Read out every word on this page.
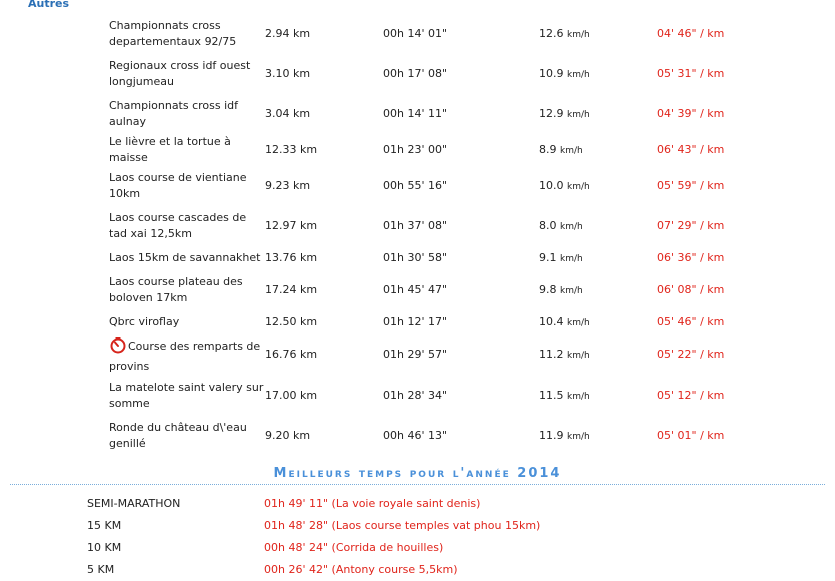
Autres
Championnats cross departementaux 92/75	2.94 km	00h 14' 01"	12.6 km/h	04' 46" / km
Regionaux cross idf ouest longjumeau	3.10 km	00h 17' 08"	10.9 km/h	05' 31" / km
Championnats cross idf aulnay	3.04 km	00h 14' 11"	12.9 km/h	04' 39" / km
Le lièvre et la tortue à maisse	12.33 km	01h 23' 00"	8.9 km/h	06' 43" / km
Laos course de vientiane 10km	9.23 km	00h 55' 16"	10.0 km/h	05' 59" / km
Laos course cascades de tad xai 12,5km	12.97 km	01h 37' 08"	8.0 km/h	07' 29" / km
Laos 15km de savannakhet	13.76 km	01h 30' 58"	9.1 km/h	06' 36" / km
Laos course plateau des boloven 17km	17.24 km	01h 45' 47"	9.8 km/h	06' 08" / km
Qbrc viroflay	12.50 km	01h 12' 17"	10.4 km/h	05' 46" / km
Course des remparts de provins	16.76 km	01h 29' 57"	11.2 km/h	05' 22" / km
La matelote saint valery sur somme	17.00 km	01h 28' 34"	11.5 km/h	05' 12" / km
Ronde du château d\'eau genillé	9.20 km	00h 46' 13"	11.9 km/h	05' 01" / km
Meilleurs temps pour l'année 2014
SEMI-MARATHON	01h 49' 11" (La voie royale saint denis)
15 KM	01h 48' 28" (Laos course temples vat phou 15km)
10 KM	00h 48' 24" (Corrida de houilles)
5 KM	00h 26' 42" (Antony course 5,5km)
